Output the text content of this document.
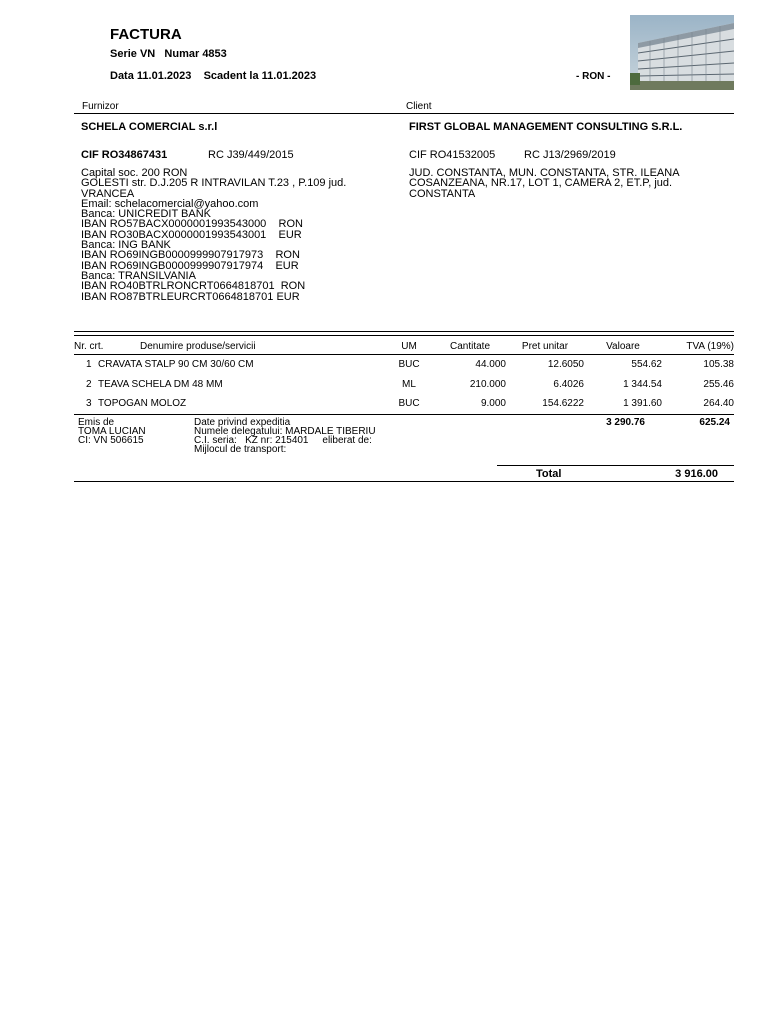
FACTURA
Serie VN   Numar 4853
Data 11.01.2023    Scadent la 11.01.2023	- RON -
Furnizor	Client
SCHELA COMERCIAL s.r.l	FIRST GLOBAL MANAGEMENT CONSULTING S.R.L.
CIF RO34867431	RC J39/449/2015	CIF RO41532005	RC J13/2969/2019
Capital soc. 200 RON
GOLESTI str. D.J.205 R INTRAVILAN T.23 , P.109 jud.
VRANCEA
Email: schelacomercial@yahoo.com
Banca: UNICREDIT BANK
IBAN RO57BACX0000001993543000    RON
IBAN RO30BACX0000001993543001    EUR
Banca: ING BANK
IBAN RO69INGB0000999907917973    RON
IBAN RO69INGB0000999907917974    EUR
Banca: TRANSILVANIA
IBAN RO40BTRLRONCRT0664818701  RON
IBAN RO87BTRLEURCRT0664818701 EUR
JUD. CONSTANTA, MUN. CONSTANTA, STR. ILEANA
COSANZEANA, NR.17, LOT 1, CAMERA 2, ET.P, jud.
CONSTANTA
Nr. crt.	Denumire produse/servicii	UM	Cantitate	Pret unitar	Valoare	TVA (19%)
1	CRAVATA STALP 90 CM 30/60 CM	BUC	44.000	12.6050	554.62	105.38
2	TEAVA SCHELA DM 48 MM	ML	210.000	6.4026	1 344.54	255.46
3	TOPOGAN MOLOZ	BUC	9.000	154.6222	1 391.60	264.40
Emis de
TOMA LUCIAN
CI: VN 506615
Date privind expeditia
Numele delegatului: MARDALE TIBERIU
C.I. seria:   KZ nr: 215401     eliberat de:
Mijlocul de transport:
3 290.76	625.24
Total	3 916.00
